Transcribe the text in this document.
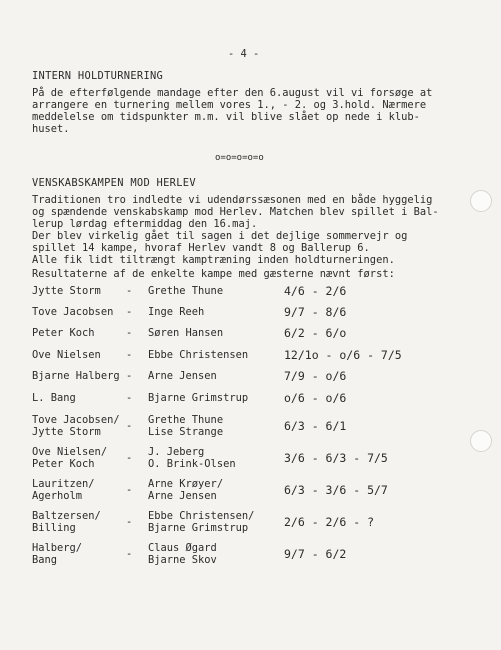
- 4 -
INTERN HOLDTURNERING
På de efterfølgende mandage efter den 6.august vil vi forsøge at
arrangere en turnering mellem vores 1., - 2. og 3.hold. Nærmere
meddelelse om tidspunkter m.m. vil blive slået op nede i klub-
huset.
o=o=o=o=o
VENSKABSKAMPEN MOD HERLEV
Traditionen tro indledte vi udendørssæsonen med en både hyggelig
og spændende venskabskamp mod Herlev. Matchen blev spillet i Bal-
lerup lørdag eftermiddag den 16.maj.
Der blev virkelig gået til sagen i det dejlige sommervejr og
spillet 14 kampe, hvoraf Herlev vandt 8 og Ballerup 6.
Alle fik lidt tiltrængt kamptræning inden holdturneringen.
Resultaterne af de enkelte kampe med gæsterne nævnt først:
Jytte Storm - Grethe Thune	4/6 - 2/6
Tove Jacobsen - Inge Reeh	9/7 - 8/6
Peter Koch	- Søren Hansen	6/2 - 6/o
Ove Nielsen - Ebbe Christensen	12/1o - o/6 - 7/5
Bjarne Halberg - Arne Jensen	7/9 - o/6
L. Bang	- Bjarne Grimstrup	o/6 - o/6
Tove Jacobsen/
Jytte Storm - Grethe Thune
Lise Strange	6/3 - 6/1
Ove Nielsen/
Peter Koch	- J. Jeberg
O. Brink-Olsen	3/6 - 6/3 - 7/5
Lauritzen/
Agerholm	- Arne Krøyer/
Arne Jensen	6/3 - 3/6 - 5/7
Baltzersen/
Billing	- Ebbe Christensen/
Bjarne Grimstrup	2/6 - 2/6 - ?
Halberg/
Bang	- Claus Øgard
Bjarne Skov	9/7 - 6/2
